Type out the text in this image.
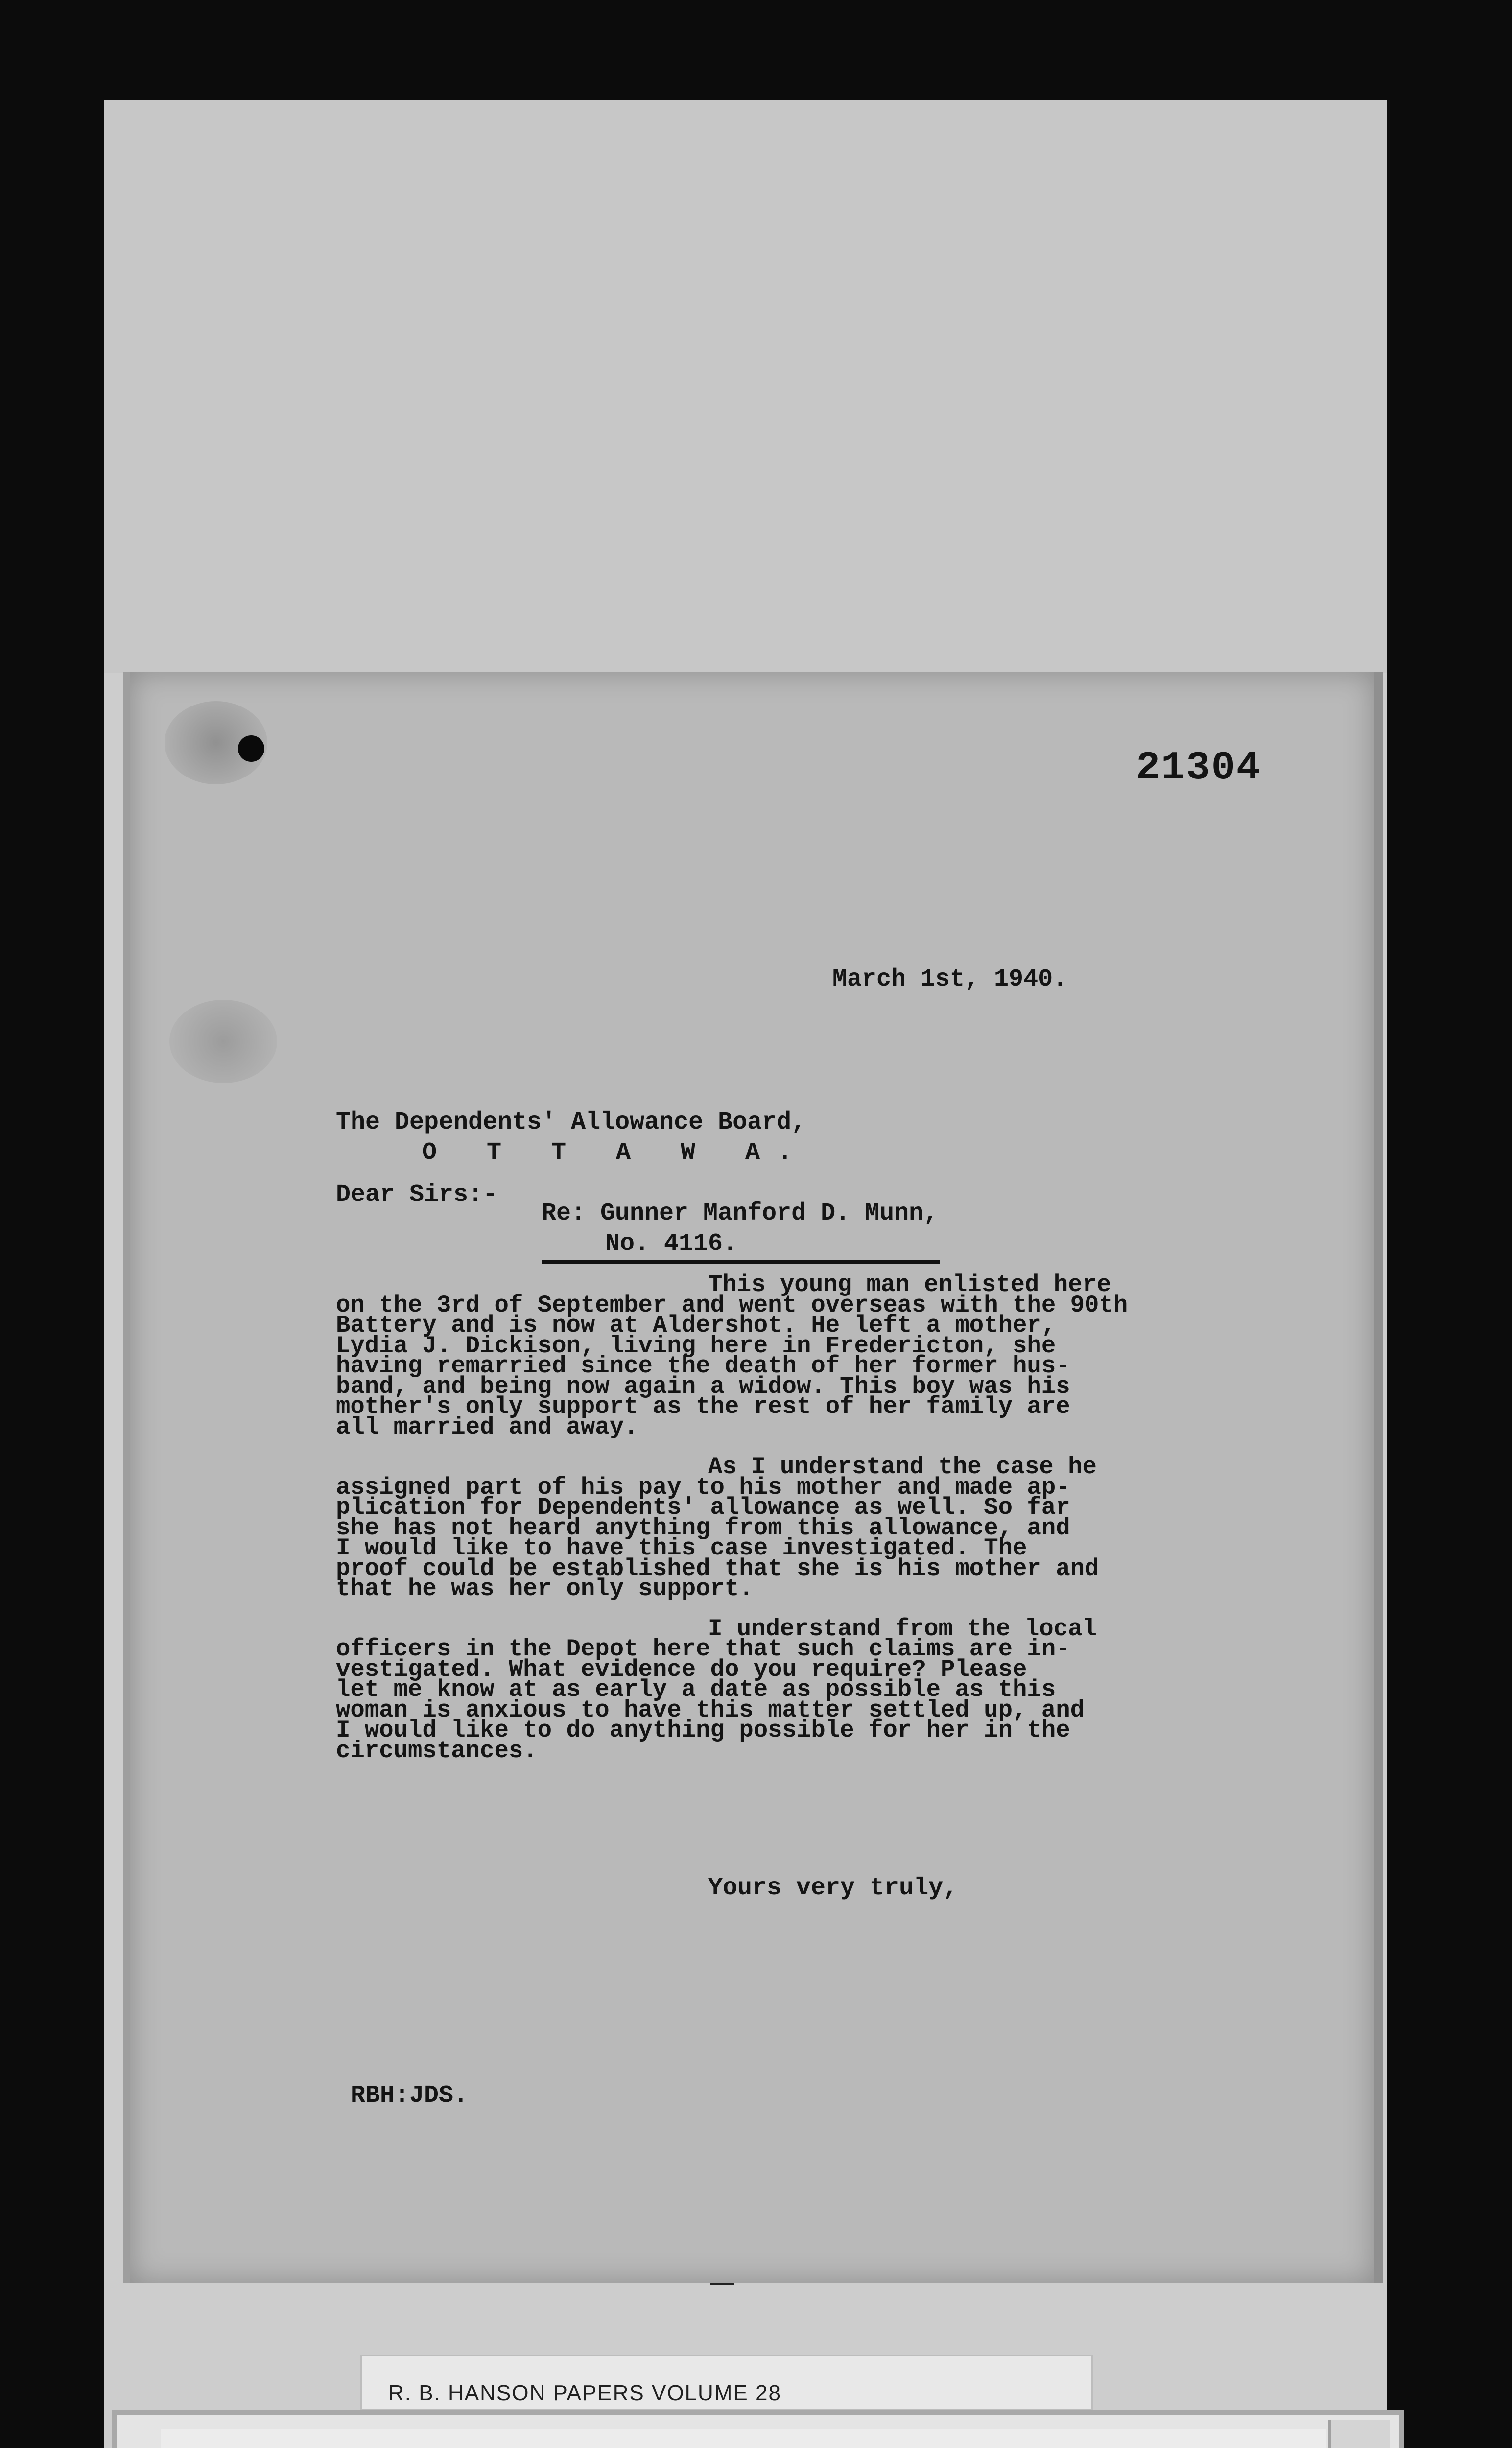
21304

March 1st, 1940.

The Dependents' Allowance Board,
O T T A W A.
Dear Sirs:-
Re: Gunner Manford D. Munn,
No. 4116.

This young man enlisted here
on the 3rd of September and went overseas with the 90th
Battery and is now at Aldershot. He left a mother,
Lydia J. Dickison, living here in Fredericton, she
having remarried since the death of her former hus-
band, and being now again a widow. This boy was his
mother's only support as the rest of her family are
all married and away.

As I understand the case he
assigned part of his pay to his mother and made ap-
plication for Dependents' allowance as well. So far
she has not heard anything from this allowance, and
I would like to have this case investigated. The
proof could be established that she is his mother and
that he was her only support.

I understand from the local
officers in the Depot here that such claims are in-
vestigated. What evidence do you require? Please
let me know at as early a date as possible as this
woman is anxious to have this matter settled up, and
I would like to do anything possible for her in the
circumstances.

Yours very truly,

RBH:JDS.

R. B. HANSON PAPERS VOLUME 28
